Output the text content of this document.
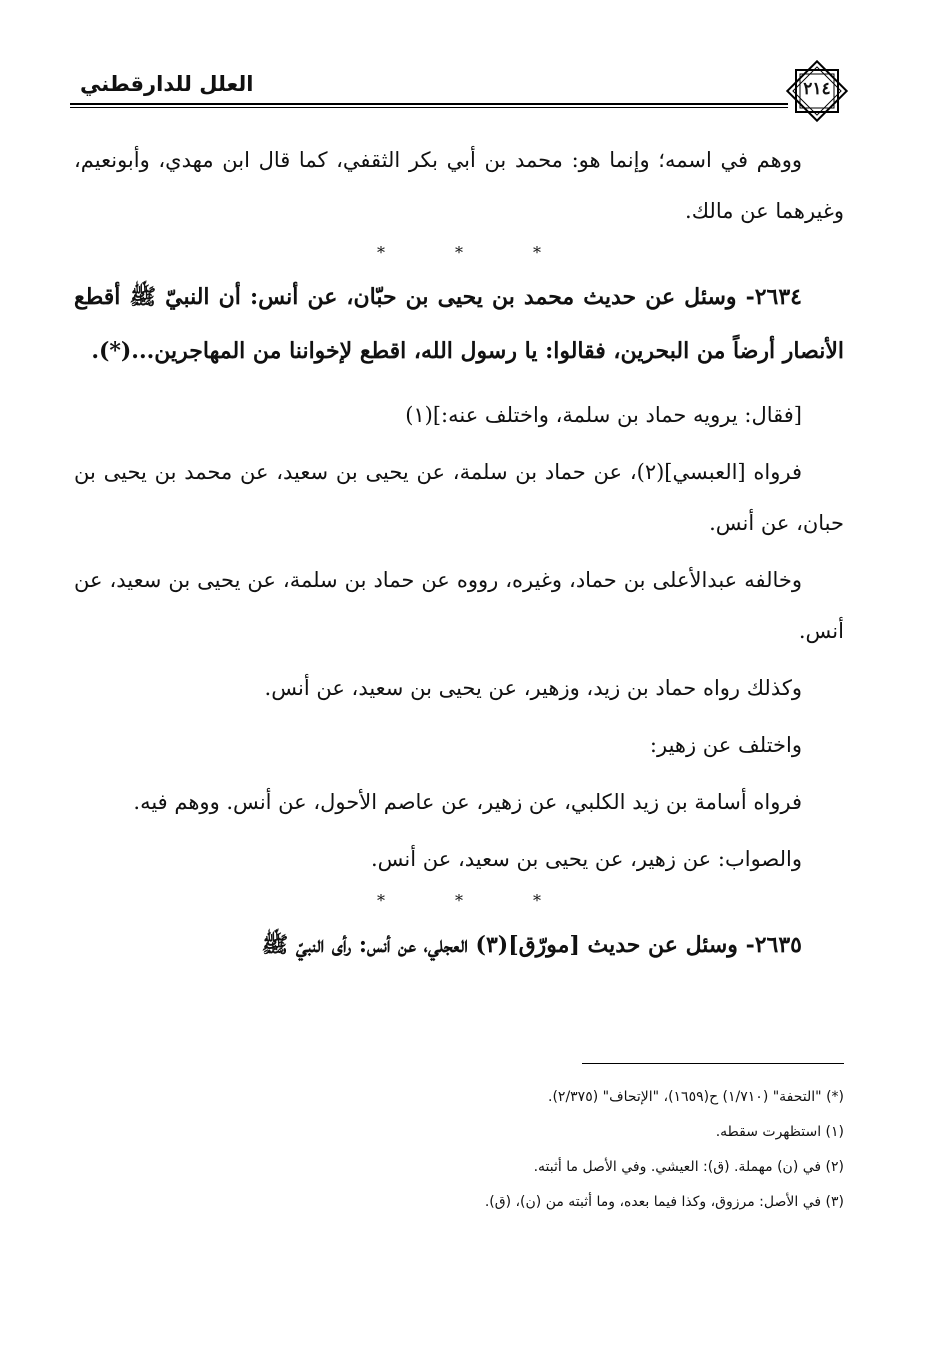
العلل للدارقطني	٢١٤

ووهم في اسمه؛ وإنما هو: محمد بن أبي بكر الثقفي، كما قال ابن مهدي، وأبونعيم، وغيرهما عن مالك.

*	*	*

٢٦٣٤- وسئل عن حديث محمد بن يحيى بن حبّان، عن أنس: أن النبيّ ﷺ أقطع الأنصار أرضاً من البحرين، فقالوا: يا رسول الله، اقطع لإخواننا من المهاجرين...(*).

[فقال: يرويه حماد بن سلمة، واختلف عنه:](١)

فرواه [العبسي](٢)، عن حماد بن سلمة، عن يحيى بن سعيد، عن محمد بن يحيى بن حبان، عن أنس.

وخالفه عبدالأعلى بن حماد، وغيره، رووه عن حماد بن سلمة، عن يحيى بن سعيد، عن أنس.

وكذلك رواه حماد بن زيد، وزهير، عن يحيى بن سعيد، عن أنس.

واختلف عن زهير:

فرواه أسامة بن زيد الكلبي، عن زهير، عن عاصم الأحول، عن أنس. ووهم فيه.

والصواب: عن زهير، عن يحيى بن سعيد، عن أنس.

*	*	*

٢٦٣٥- وسئل عن حديث [مورّق](٣) العجلي، عن أنس: رأى النبيّ ﷺ

(*) "التحفة" (١/٧١٠) ح(١٦٥٩)، "الإتحاف" (٢/٣٧٥).
(١) استظهرت سقطه.
(٢) في (ن) مهملة. (ق): العيشي. وفي الأصل ما أثبته.
(٣) في الأصل: مرزوق، وكذا فيما بعده، وما أثبته من (ن)، (ق).
